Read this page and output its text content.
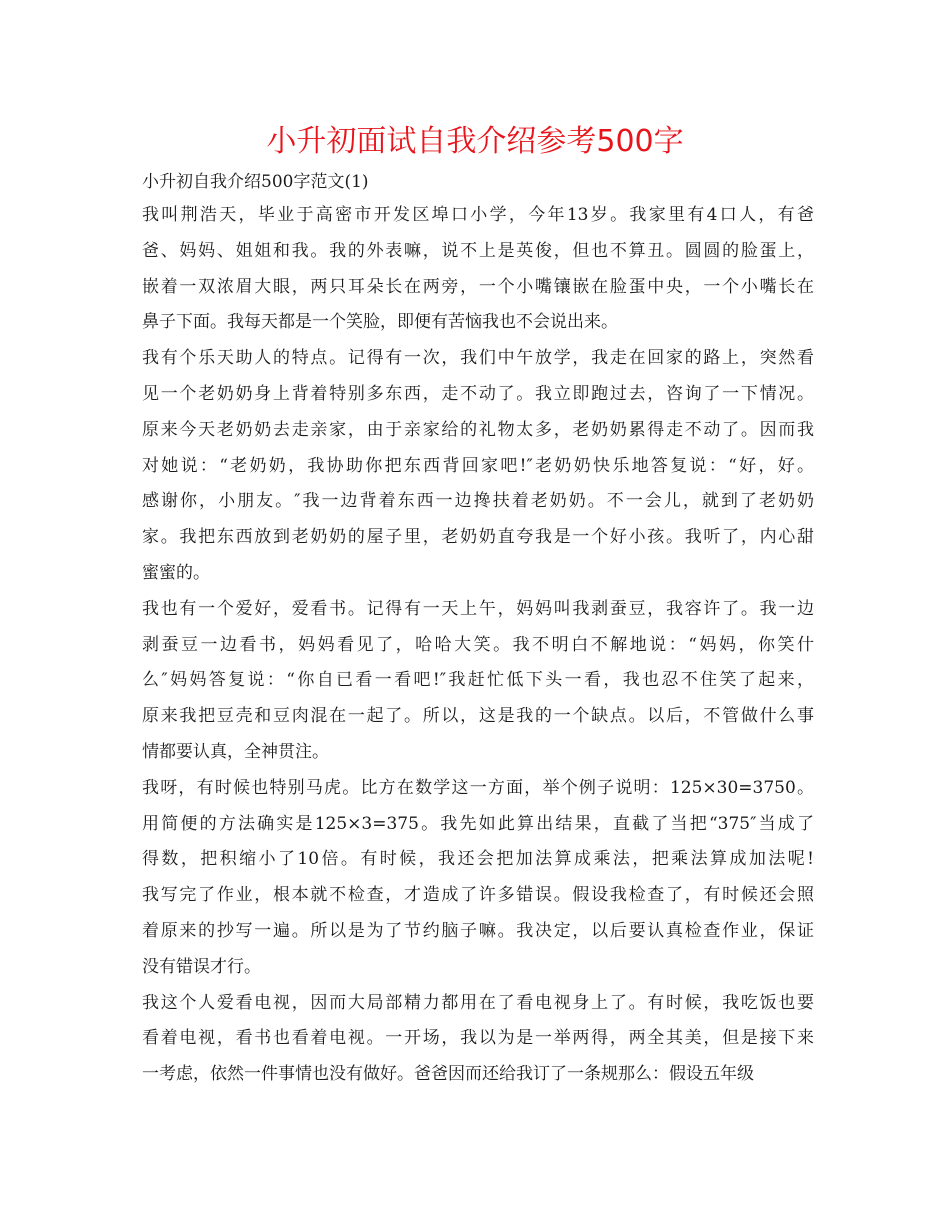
小升初面试自我介绍参考500字

小升初自我介绍500字范文(1)

我叫荆浩天，毕业于高密市开发区埠口小学，今年13岁。我家里有4口人，有爸
爸、妈妈、姐姐和我。我的外表嘛，说不上是英俊，但也不算丑。圆圆的脸蛋上，
嵌着一双浓眉大眼，两只耳朵长在两旁，一个小嘴镶嵌在脸蛋中央，一个小嘴长在
鼻子下面。我每天都是一个笑脸，即便有苦恼我也不会说出来。
我有个乐天助人的特点。记得有一次，我们中午放学，我走在回家的路上，突然看
见一个老奶奶身上背着特别多东西，走不动了。我立即跑过去，咨询了一下情况。
原来今天老奶奶去走亲家，由于亲家给的礼物太多，老奶奶累得走不动了。因而我
对她说：“老奶奶，我协助你把东西背回家吧!″老奶奶快乐地答复说：“好，好。
感谢你，小朋友。″我一边背着东西一边搀扶着老奶奶。不一会儿，就到了老奶奶
家。我把东西放到老奶奶的屋子里，老奶奶直夸我是一个好小孩。我听了，内心甜
蜜蜜的。
我也有一个爱好，爱看书。记得有一天上午，妈妈叫我剥蚕豆，我容许了。我一边
剥蚕豆一边看书，妈妈看见了，哈哈大笑。我不明白不解地说：“妈妈，你笑什
么″妈妈答复说：“你自已看一看吧!″我赶忙低下头一看，我也忍不住笑了起来，
原来我把豆壳和豆肉混在一起了。所以，这是我的一个缺点。以后，不管做什么事
情都要认真，全神贯注。
我呀，有时候也特别马虎。比方在数学这一方面，举个例子说明：125×30=3750。
用简便的方法确实是125×3=375。我先如此算出结果，直截了当把“375″当成了
得数，把积缩小了10倍。有时候，我还会把加法算成乘法，把乘法算成加法呢!
我写完了作业，根本就不检查，才造成了许多错误。假设我检查了，有时候还会照
着原来的抄写一遍。所以是为了节约脑子嘛。我决定，以后要认真检查作业，保证
没有错误才行。
我这个人爱看电视，因而大局部精力都用在了看电视身上了。有时候，我吃饭也要
看着电视，看书也看着电视。一开场，我以为是一举两得，两全其美，但是接下来
一考虑，依然一件事情也没有做好。爸爸因而还给我订了一条规那么：假设五年级
